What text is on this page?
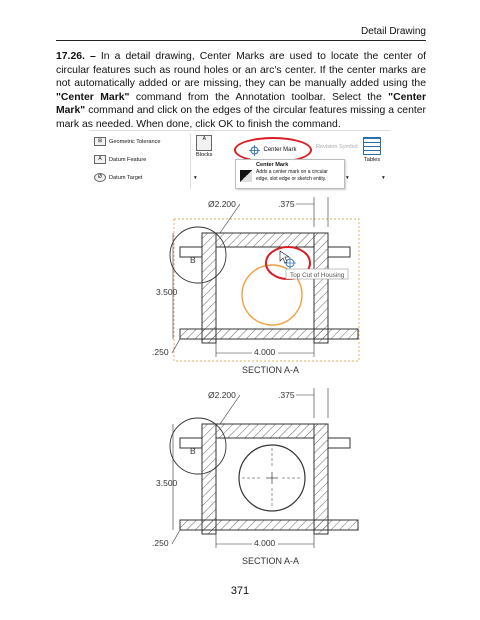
Detail Drawing
17.26. – In a detail drawing, Center Marks are used to locate the center of circular features such as round holes or an arc's center. If the center marks are not automatically added or are missing, they can be manually added using the "Center Mark" command from the Annotation toolbar. Select the "Center Mark" command and click on the edges of the circular features missing a center mark as needed. When done, click OK to finish the command.
⊞	Geometric Tolerance
A	Datum Feature
Ø	Datum Target
A
Blocks
▾
Center Mark	Revision Symbol
Center Mark
Adds a center mark on a circular
edge, slot edge or sketch entity.	▾
Tables
▾
B
Top Cut of Housing
Ø2.200	.375
3.500
.250	4.000
SECTION A-A
B
Ø2.200	.375
3.500
.250	4.000
SECTION A-A
371
